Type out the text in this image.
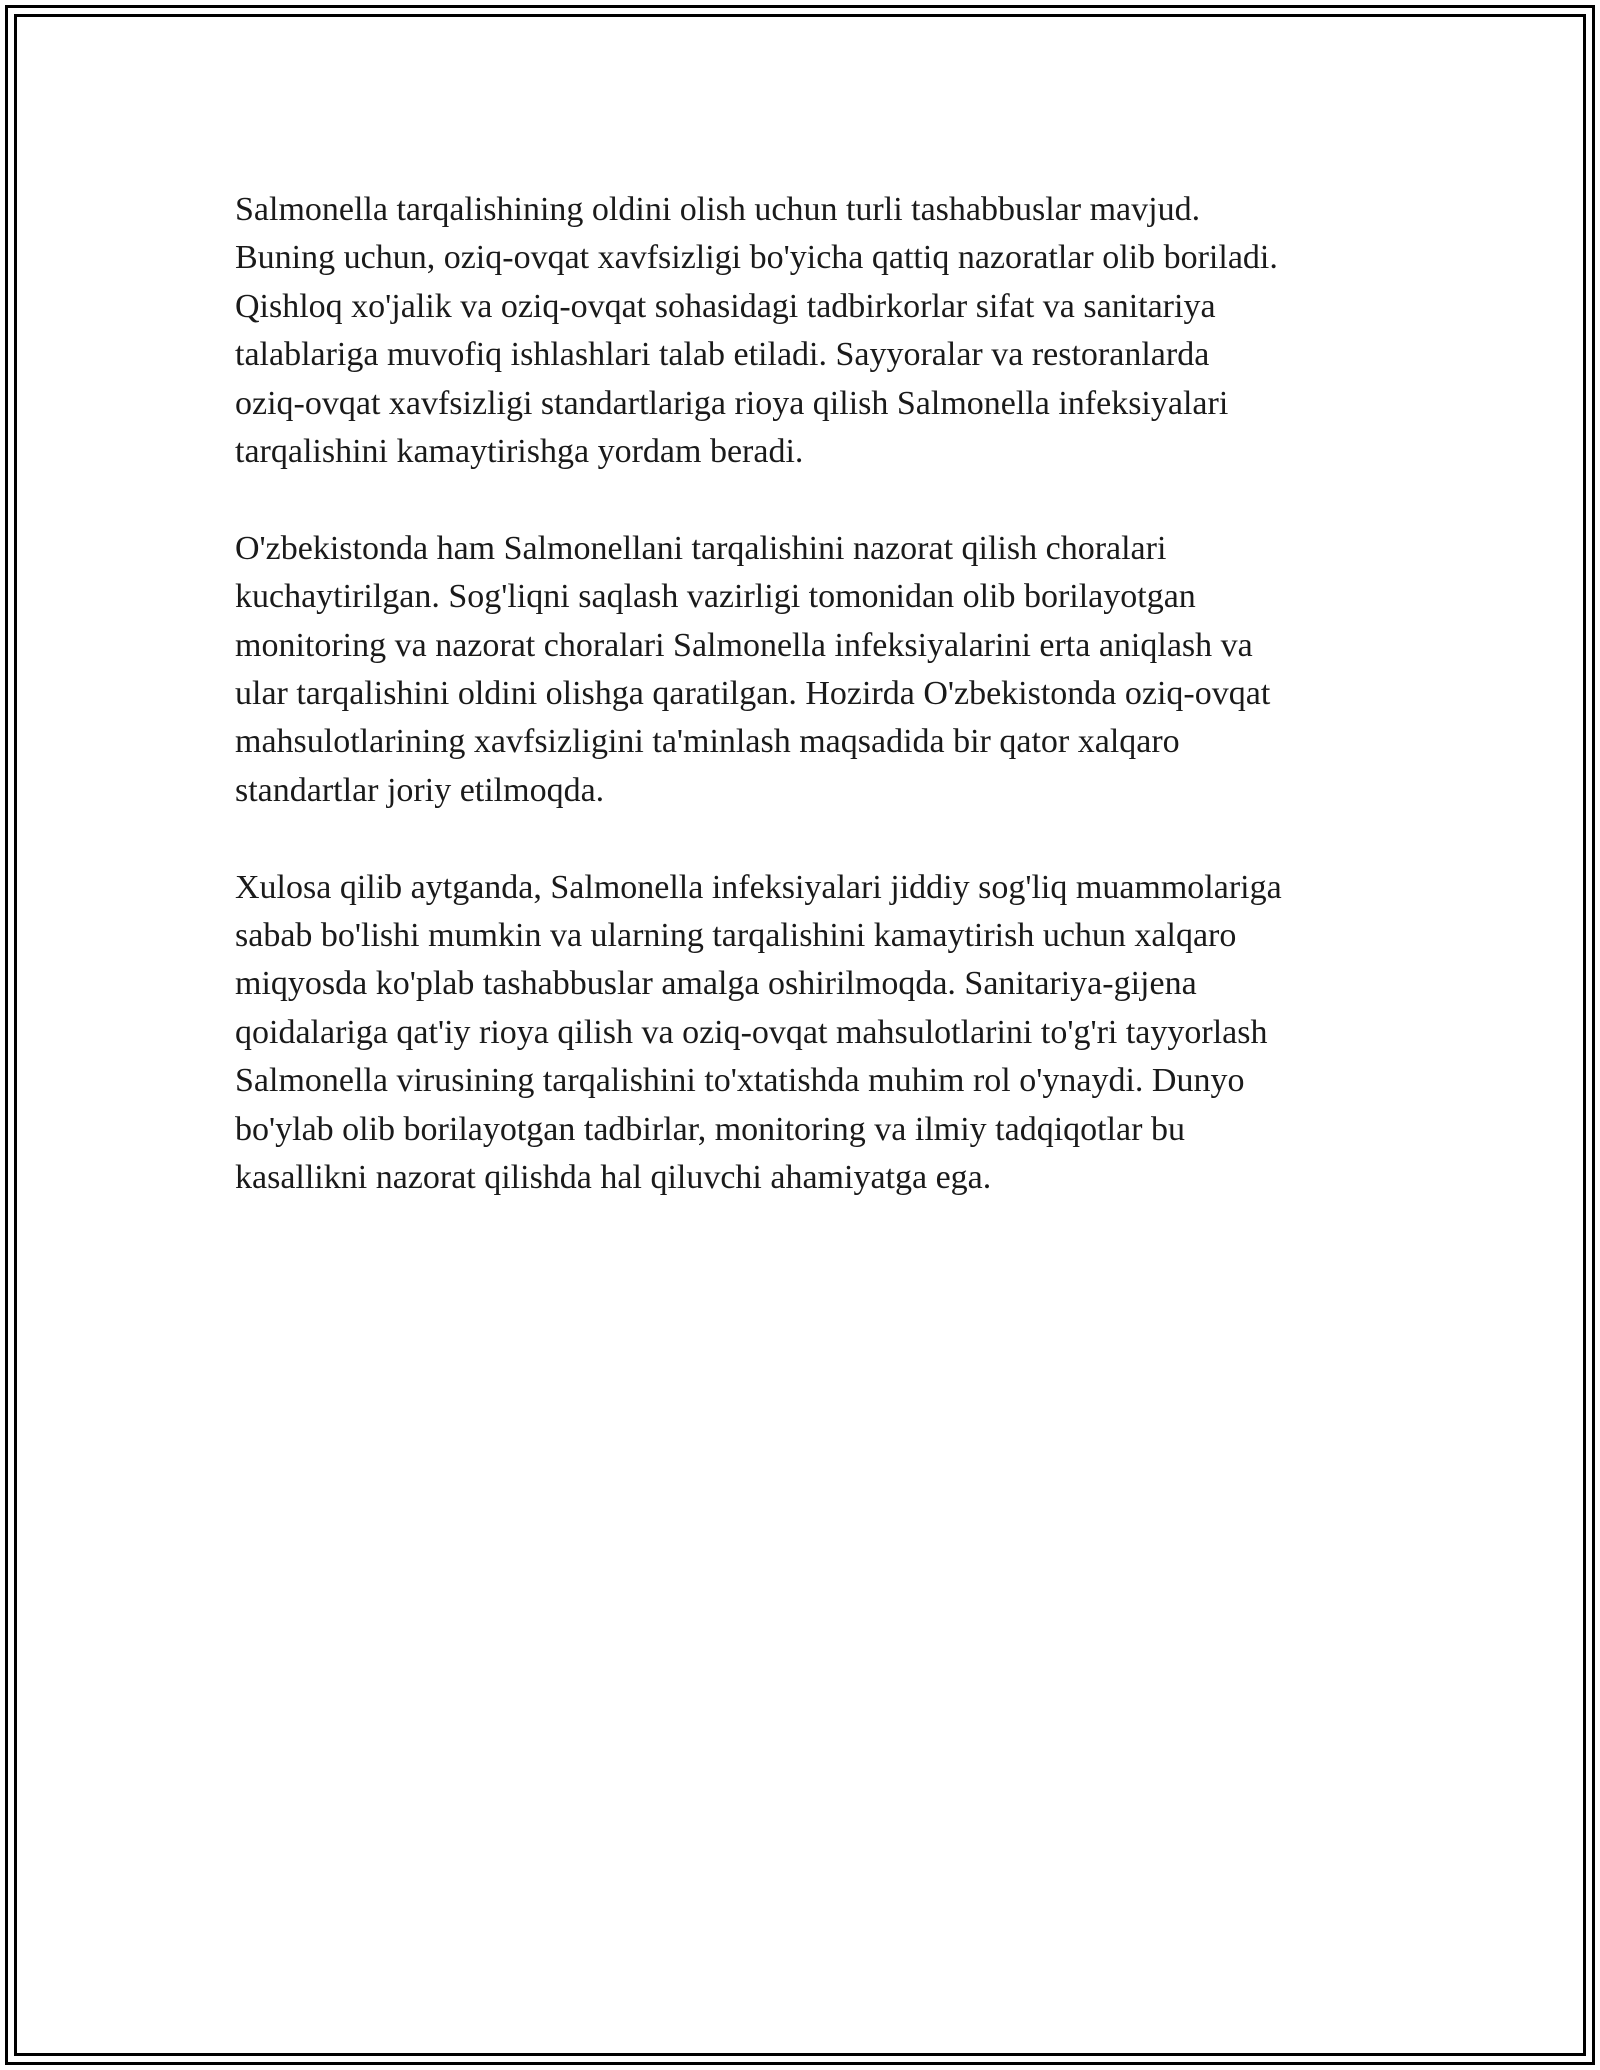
Salmonella tarqalishining oldini olish uchun turli tashabbuslar mavjud.
Buning uchun, oziq-ovqat xavfsizligi bo'yicha qattiq nazoratlar olib boriladi.
Qishloq xo'jalik va oziq-ovqat sohasidagi tadbirkorlar sifat va sanitariya
talablariga muvofiq ishlashlari talab etiladi. Sayyoralar va restoranlarda
oziq-ovqat xavfsizligi standartlariga rioya qilish Salmonella infeksiyalari
tarqalishini kamaytirishga yordam beradi.

O'zbekistonda ham Salmonellani tarqalishini nazorat qilish choralari
kuchaytirilgan. Sog'liqni saqlash vazirligi tomonidan olib borilayotgan
monitoring va nazorat choralari Salmonella infeksiyalarini erta aniqlash va
ular tarqalishini oldini olishga qaratilgan. Hozirda O'zbekistonda oziq-ovqat
mahsulotlarining xavfsizligini ta'minlash maqsadida bir qator xalqaro
standartlar joriy etilmoqda.

Xulosa qilib aytganda, Salmonella infeksiyalari jiddiy sog'liq muammolariga
sabab bo'lishi mumkin va ularning tarqalishini kamaytirish uchun xalqaro
miqyosda ko'plab tashabbuslar amalga oshirilmoqda. Sanitariya-gijena
qoidalariga qat'iy rioya qilish va oziq-ovqat mahsulotlarini to'g'ri tayyorlash
Salmonella virusining tarqalishini to'xtatishda muhim rol o'ynaydi. Dunyo
bo'ylab olib borilayotgan tadbirlar, monitoring va ilmiy tadqiqotlar bu
kasallikni nazorat qilishda hal qiluvchi ahamiyatga ega.
